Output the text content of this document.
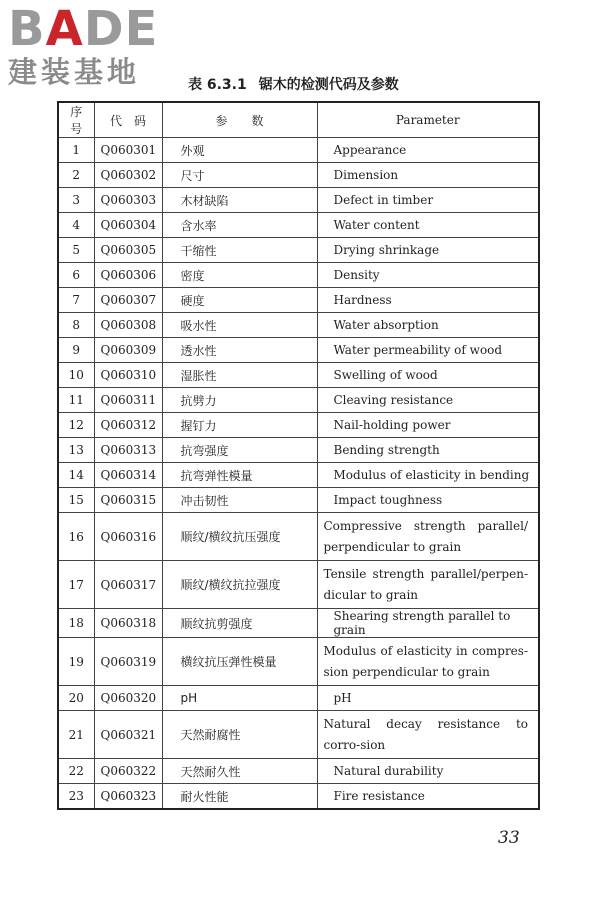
BADE
建装基地	表 6.3.1 锯木的检测代码及参数
序号	代　码	参　　数	Parameter
1	Q060301	外观	Appearance
2	Q060302	尺寸	Dimension
3	Q060303	木材缺陷	Defect in timber
4	Q060304	含水率	Water content
5	Q060305	干缩性	Drying shrinkage
6	Q060306	密度	Density
7	Q060307	硬度	Hardness
8	Q060308	吸水性	Water absorption
9	Q060309	透水性	Water permeability of wood
10	Q060310	湿胀性	Swelling of wood
11	Q060311	抗劈力	Cleaving resistance
12	Q060312	握钉力	Nail-holding power
13	Q060313	抗弯强度	Bending strength
14	Q060314	抗弯弹性模量	Modulus of elasticity in bending
15	Q060315	冲击韧性	Impact toughness
16	Q060316	顺纹/横纹抗压强度	Compressive strength parallel/ perpendicular to grain
17	Q060317	顺纹/横纹抗拉强度	Tensile strength parallel/perpen-dicular to grain
18	Q060318	顺纹抗剪强度	Shearing strength parallel to grain
19	Q060319	横纹抗压弹性模量	Modulus of elasticity in compres-sion perpendicular to grain
20	Q060320	pH	pH
21	Q060321	天然耐腐性	Natural decay resistance to corro-sion
22	Q060322	天然耐久性	Natural durability
23	Q060323	耐火性能	Fire resistance
33
